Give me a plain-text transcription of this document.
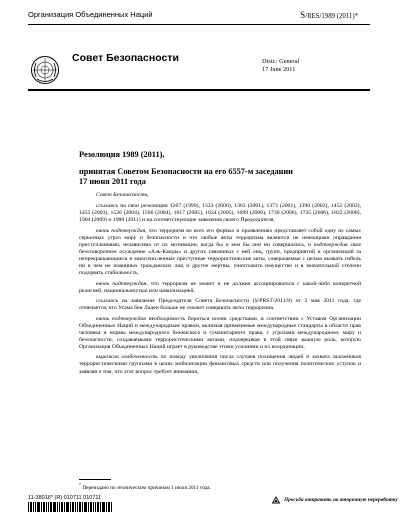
Организация Объединенных Наций	S/RES/1989 (2011)*
Совет Безопасности	Distr.: General
17 June 2011
Резолюция 1989 (2011),
принятая Советом Безопасности на его 6557-м заседании
17 июня 2011 года

Совет Безопасности,

ссылаясь на свои резолюции 1267 (1999), 1333 (2000), 1363 (2001), 1373 (2001), 1390 (2002), 1452 (2002), 1455 (2003), 1526 (2004), 1566 (2004), 1617 (2005), 1624 (2005), 1699 (2006), 1730 (2006), 1735 (2006), 1822 (2008), 1904 (2009) и 1988 (2011) и на соответствующие заявления своего Председателя,

вновь подтверждая, что терроризм во всех его формах и проявлениях представляет собой одну из самых серьезных угроз миру и безопасности и что любые акты терроризма являются не имеющими оправдания преступлениями, независимо от их мотивации, когда бы и кем бы они ни совершались, и подтверждая свое безоговорочное осуждение «Аль-Каиды» и других связанных с ней лиц, групп, предприятий и организаций за непрекращающиеся и многочисленные преступные террористические акты, совершаемые с целью вызвать гибель ни в чем не повинных гражданских лиц и другие жертвы, уничтожить имущество и в значительной степени подорвать стабильность,

вновь подтверждая, что терроризм не может и не должен ассоциироваться с какой-либо конкретной религией, национальностью или цивилизацией,

ссылаясь на заявление Председателя Совета Безопасности (S/PRST/2011/9) от 2 мая 2011 года, где отмечается, что Усама бен Ладен больше не сможет совершать акты терроризма,

вновь подтверждая необходимость бороться всеми средствами, в соответствии с Уставом Организации Объединенных Наций и международным правом, включая применимые международные стандарты в области прав человека и нормы международного беженского и гуманитарного права, с угрозами международному миру и безопасности, создаваемыми террористическими актами, подчеркивая в этой связи важную роль, которую Организация Объединенных Наций играет в руководстве этими усилиями и их координации,

выражая озабоченность по поводу увеличения числа случаев похищения людей и захвата заложников террористическими группами в целях мобилизации финансовых средств или получения политических уступок и заявляя о том, что этот вопрос требует внимания,

* Переиздано по техническим причинам 1 июля 2011 года.
11-38016* (R) 010711 010711	Просьба отправить на вторичную переработку
